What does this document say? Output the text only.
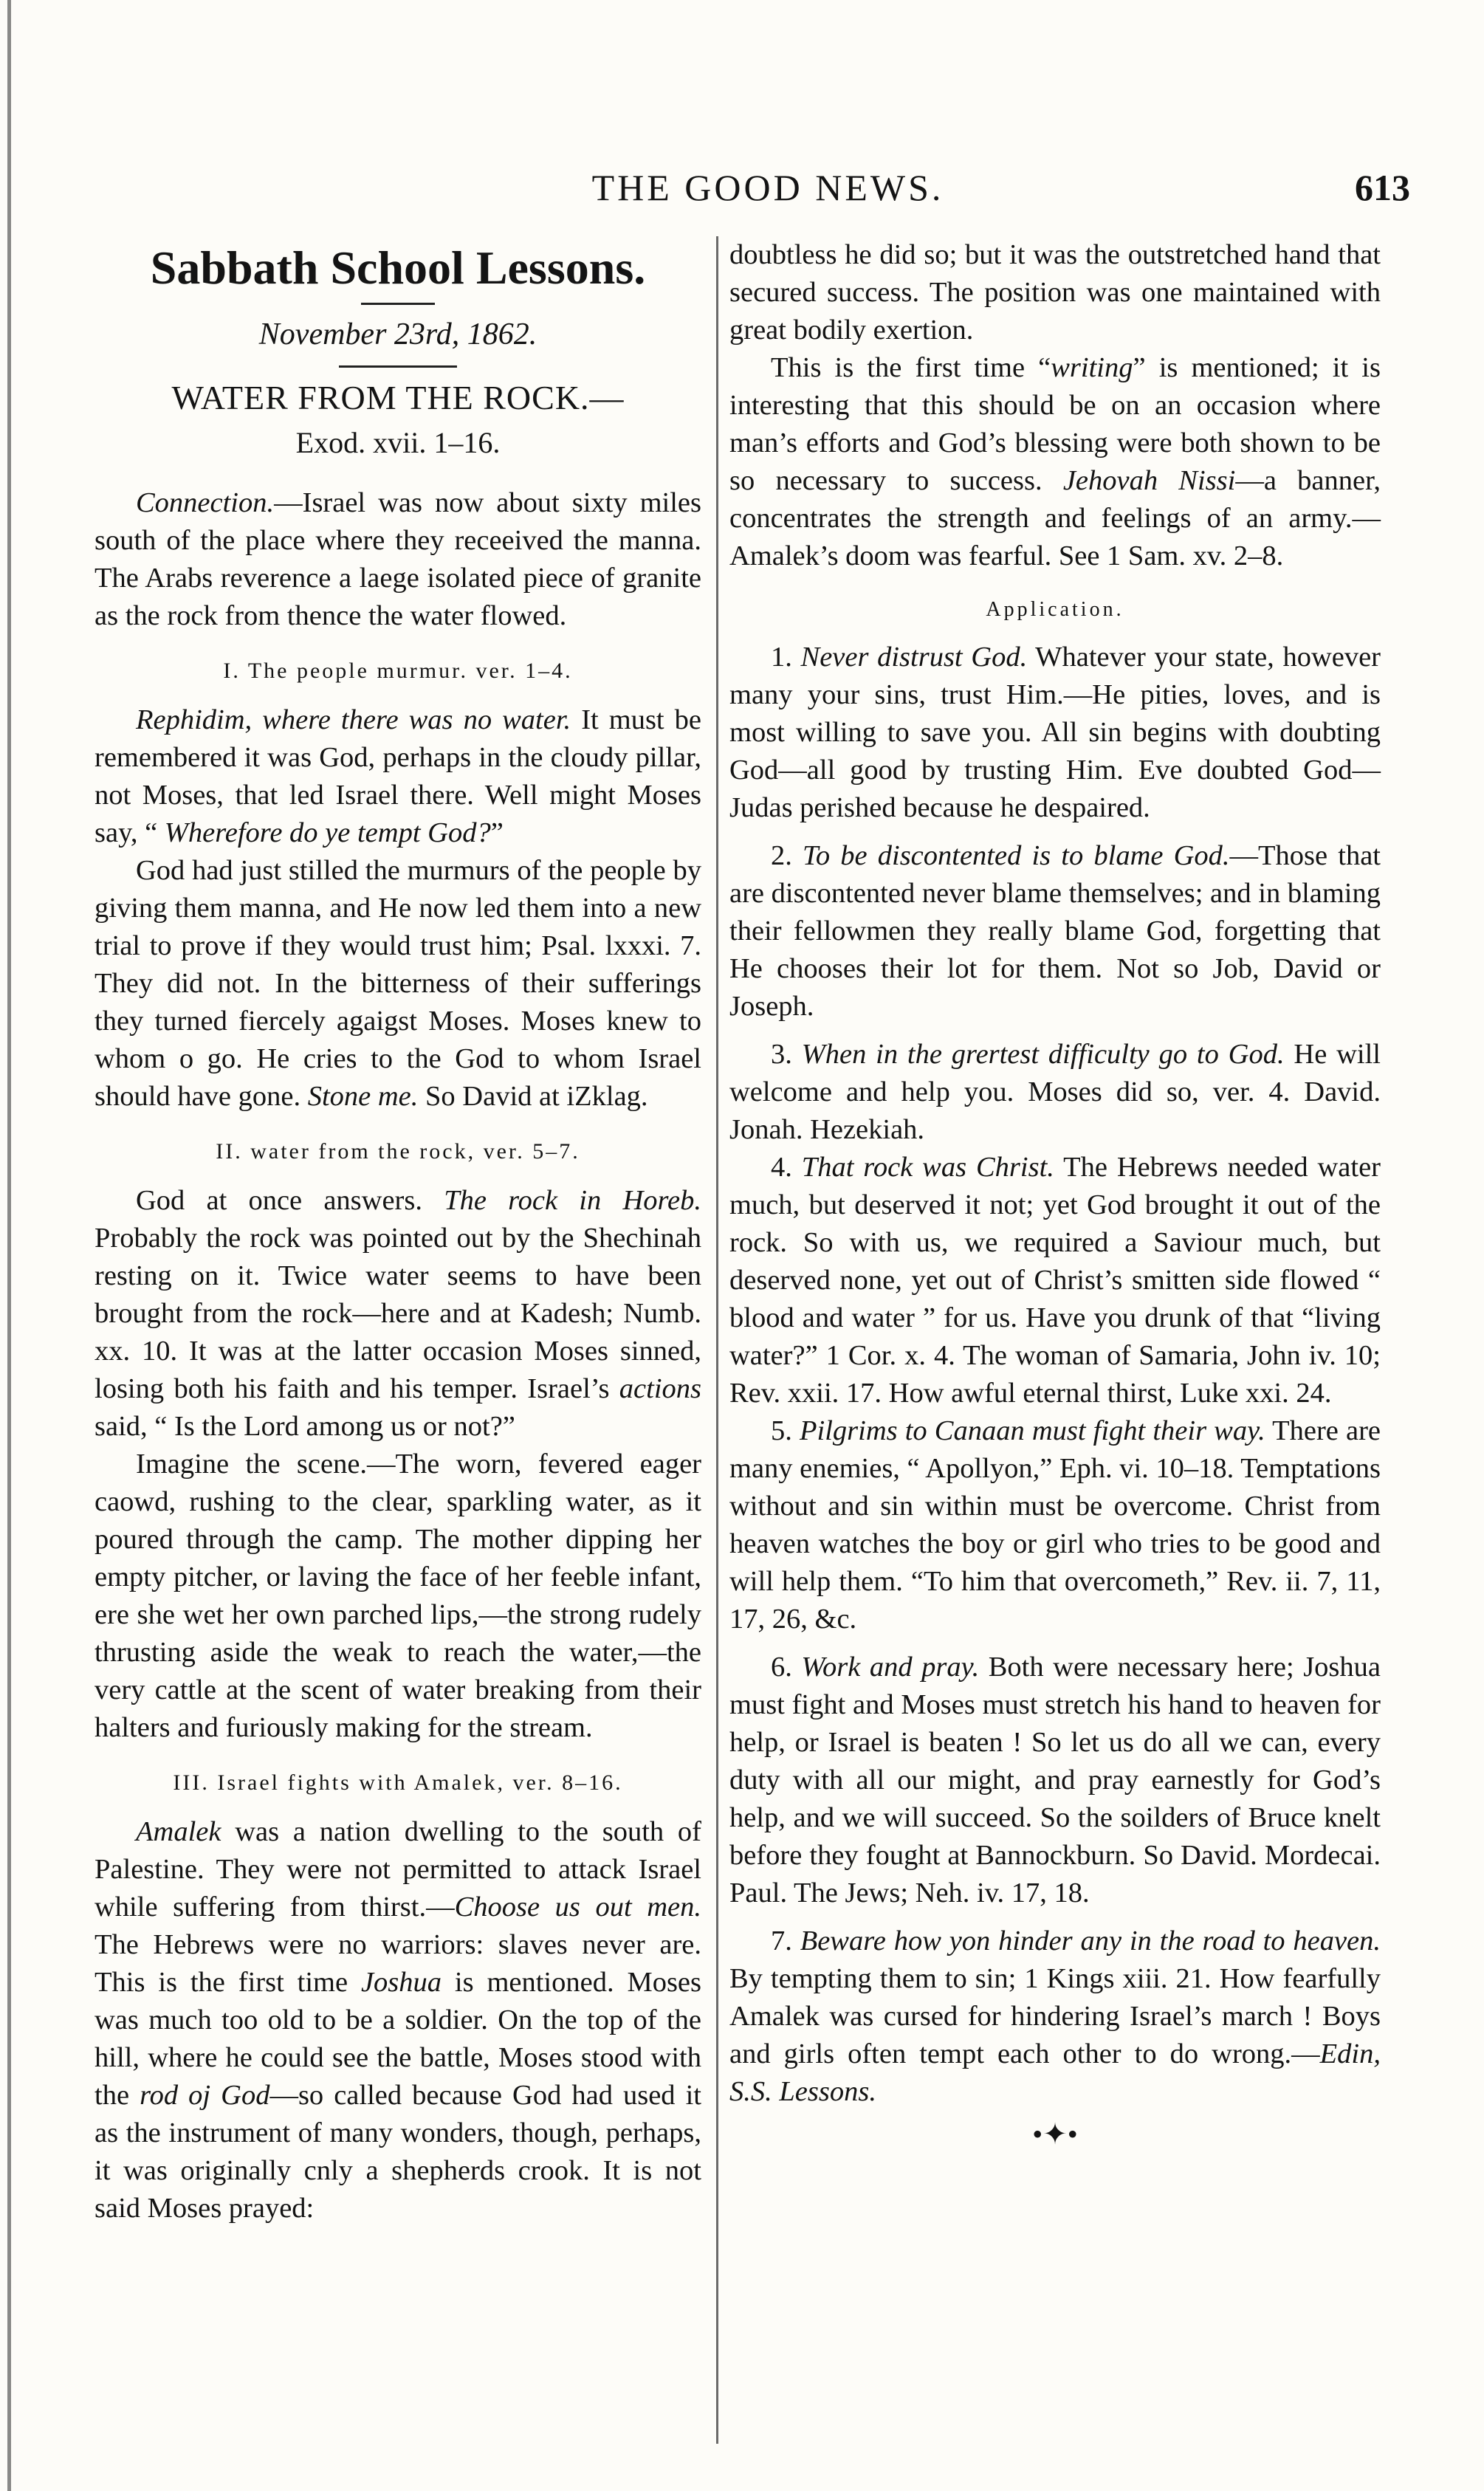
THE GOOD NEWS.	613

Sabbath School Lessons.

November 23rd, 1862.

WATER FROM THE ROCK.—

Exod. xvii. 1–16.

Connection.—Israel was now about sixty miles south of the place where they receeived the manna. The Arabs reverence a laege isolated piece of granite as the rock from thence the water flowed.

I. The people murmur. ver. 1–4.

Rephidim, where there was no water. It must be remembered it was God, perhaps in the cloudy pillar, not Moses, that led Israel there. Well might Moses say, “ Wherefore do ye tempt God?”

God had just stilled the murmurs of the people by giving them manna, and He now led them into a new trial to prove if they would trust him; Psal. lxxxi. 7. They did not. In the bitterness of their sufferings they turned fiercely agaigst Moses. Moses knew to whom o go. He cries to the God to whom Israel should have gone. Stone me. So David at iZklag.

II. water from the rock, ver. 5–7.

God at once answers. The rock in Horeb. Probably the rock was pointed out by the Shechinah resting on it. Twice water seems to have been brought from the rock—here and at Kadesh; Numb. xx. 10. It was at the latter occasion Moses sinned, losing both his faith and his temper. Israel’s actions said, “ Is the Lord among us or not?”

Imagine the scene.—The worn, fevered eager caowd, rushing to the clear, sparkling water, as it poured through the camp. The mother dipping her empty pitcher, or laving the face of her feeble infant, ere she wet her own parched lips,—the strong rudely thrusting aside the weak to reach the water,—the very cattle at the scent of water breaking from their halters and furiously making for the stream.

III. Israel fights with Amalek, ver. 8–16.

Amalek was a nation dwelling to the south of Palestine. They were not permitted to attack Israel while suffering from thirst.—Choose us out men. The Hebrews were no warriors: slaves never are. This is the first time Joshua is mentioned. Moses was much too old to be a soldier. On the top of the hill, where he could see the battle, Moses stood with the rod oj God—so called because God had used it as the instrument of many wonders, though, perhaps, it was originally cnly a shepherds crook. It is not said Moses prayed:

doubtless he did so; but it was the outstretched hand that secured success. The position was one maintained with great bodily exertion.

This is the first time “writing” is mentioned; it is interesting that this should be on an occasion where man’s efforts and God’s blessing were both shown to be so necessary to success. Jehovah Nissi—a banner, concentrates the strength and feelings of an army.—Amalek’s doom was fearful. See 1 Sam. xv. 2–8.

Application.

1. Never distrust God. Whatever your state, however many your sins, trust Him.—He pities, loves, and is most willing to save you. All sin begins with doubting God—all good by trusting Him. Eve doubted God—Judas perished because he despaired.

2. To be discontented is to blame God.—Those that are discontented never blame themselves; and in blaming their fellowmen they really blame God, forgetting that He chooses their lot for them. Not so Job, David or Joseph.

3. When in the grertest difficulty go to God. He will welcome and help you. Moses did so, ver. 4. David. Jonah. Hezekiah.

4. That rock was Christ. The Hebrews needed water much, but deserved it not; yet God brought it out of the rock. So with us, we required a Saviour much, but deserved none, yet out of Christ’s smitten side flowed “ blood and water ” for us. Have you drunk of that “living water?” 1 Cor. x. 4. The woman of Samaria, John iv. 10; Rev. xxii. 17. How awful eternal thirst, Luke xxi. 24.

5. Pilgrims to Canaan must fight their way. There are many enemies, “ Apollyon,” Eph. vi. 10–18. Temptations without and sin within must be overcome. Christ from heaven watches the boy or girl who tries to be good and will help them. “To him that overcometh,” Rev. ii. 7, 11, 17, 26, &c.

6. Work and pray. Both were necessary here; Joshua must fight and Moses must stretch his hand to heaven for help, or Israel is beaten ! So let us do all we can, every duty with all our might, and pray earnestly for God’s help, and we will succeed. So the soilders of Bruce knelt before they fought at Bannockburn. So David. Mordecai. Paul. The Jews; Neh. iv. 17, 18.

7. Beware how yon hinder any in the road to heaven. By tempting them to sin; 1 Kings xiii. 21. How fearfully Amalek was cursed for hindering Israel’s march ! Boys and girls often tempt each other to do wrong.—Edin, S.S. Lessons.

•✦•
